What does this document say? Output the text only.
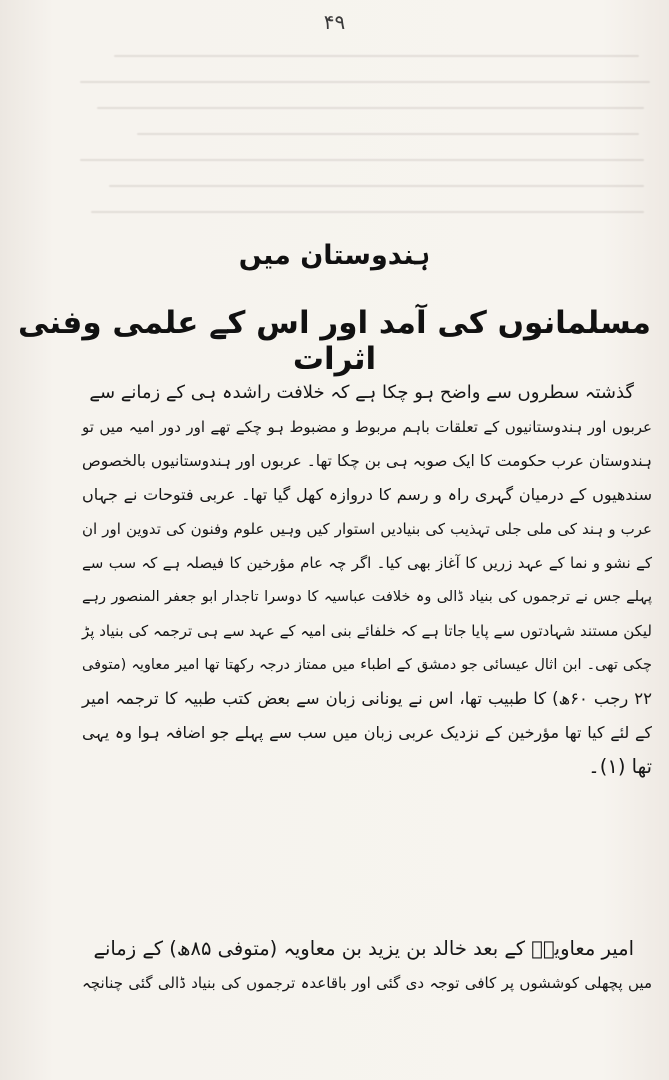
۴۹
ہندوستان میں
مسلمانوں کی آمد اور اس کے علمی وفنی اثرات
گذشتہ سطروں سے واضح ہو چکا ہے کہ خلافت راشدہ ہی کے زمانے سے
عربوں اور ہندوستانیوں کے تعلقات باہم مربوط و مضبوط ہو چکے تھے اور دور امیہ میں تو
ہندوستان عرب حکومت کا ایک صوبہ ہی بن چکا تھا۔ عربوں اور ہندوستانیوں بالخصوص
سندھیوں کے درمیان گہری راہ و رسم کا دروازہ کھل گیا تھا۔ عربی فتوحات نے جہاں
عرب و ہند کی ملی جلی تہذیب کی بنیادیں استوار کیں وہیں علوم وفنون کی تدوین اور ان
کے نشو و نما کے عہد زریں کا آغاز بھی کیا۔ اگر چہ عام مؤرخین کا فیصلہ ہے کہ سب سے
پہلے جس نے ترجموں کی بنیاد ڈالی وہ خلافت عباسیہ کا دوسرا تاجدار ابو جعفر المنصور رہے
لیکن مستند شہادتوں سے پایا جاتا ہے کہ خلفائے بنی امیہ کے عہد سے ہی ترجمہ کی بنیاد پڑ
چکی تھی۔ ابن اثال عیسائی جو دمشق کے اطباء میں ممتاز درجہ رکھتا تھا امیر معاویہ (متوفی
۲۲ رجب ۶۰ھ) کا طبیب تھا، اس نے یونانی زبان سے بعض کتب طبیہ کا ترجمہ امیر
کے لئے کیا تھا مؤرخین کے نزدیک عربی زبان میں سب سے پہلے جو اضافہ ہوا وہ یہی
تھا (۱)۔
امیر معاویہؓ کے بعد خالد بن یزید بن معاویہ (متوفی ۸۵ھ) کے زمانے
میں پچھلی کوششوں پر کافی توجہ دی گئی اور باقاعدہ ترجموں کی بنیاد ڈالی گئی چنانچہ
